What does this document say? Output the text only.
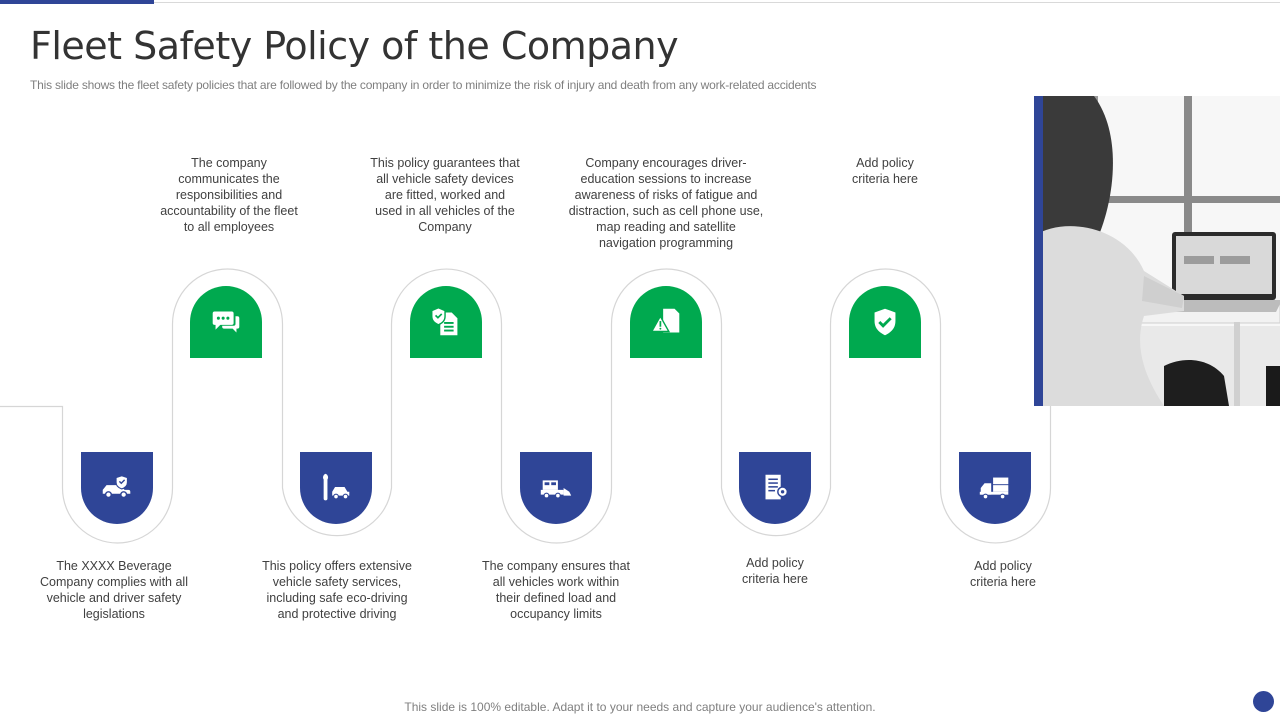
Fleet Safety Policy of the Company

This slide shows the fleet safety policies that are followed by the company in order to minimize the risk of injury and death from any work-related accidents

The company communicates the responsibilities and accountability of the fleet to all employees

This policy guarantees that all vehicle safety devices are fitted, worked and used in all vehicles of the Company

Company encourages driver-education sessions to increase awareness of risks of fatigue and distraction, such as cell phone use, map reading and satellite navigation programming

Add policy criteria here

The XXXX Beverage Company complies with all vehicle and driver safety legislations

This policy offers extensive vehicle safety services, including safe eco-driving and protective driving

The company ensures that all vehicles work within their defined load and occupancy limits

Add policy criteria here

Add policy criteria here

This slide is 100% editable. Adapt it to your needs and capture your audience's attention.
